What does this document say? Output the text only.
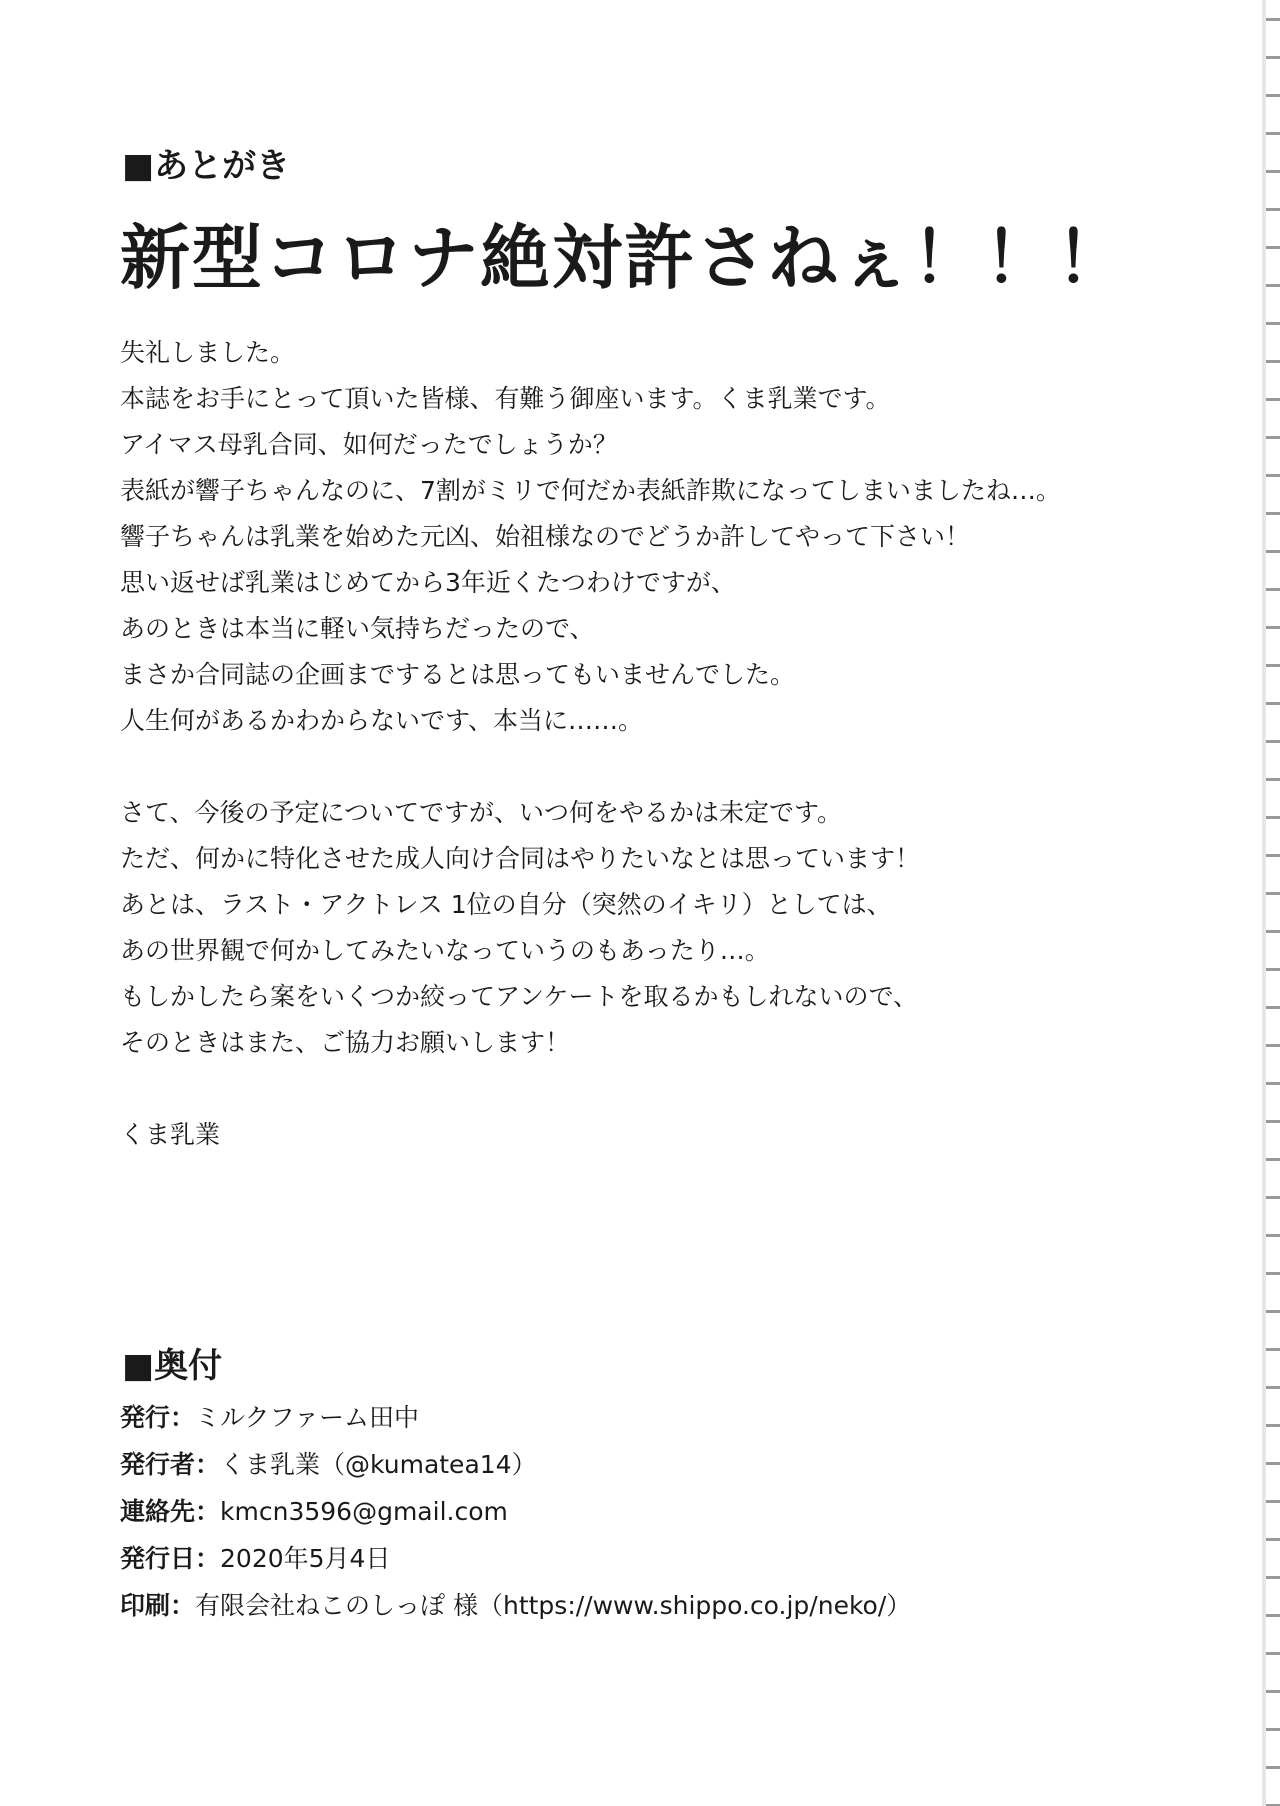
■あとがき
新型コロナ絶対許さねぇ！！！
失礼しました。
本誌をお手にとって頂いた皆様、有難う御座います。くま乳業です。
アイマス母乳合同、如何だったでしょうか？
表紙が響子ちゃんなのに、7割がミリで何だか表紙詐欺になってしまいましたね…。
響子ちゃんは乳業を始めた元凶、始祖様なのでどうか許してやって下さい！
思い返せば乳業はじめてから3年近くたつわけですが、
あのときは本当に軽い気持ちだったので、
まさか合同誌の企画までするとは思ってもいませんでした。
人生何があるかわからないです、本当に……。
さて、今後の予定についてですが、いつ何をやるかは未定です。
ただ、何かに特化させた成人向け合同はやりたいなとは思っています！
あとは、ラスト・アクトレス 1位の自分（突然のイキリ）としては、
あの世界観で何かしてみたいなっていうのもあったり…。
もしかしたら案をいくつか絞ってアンケートを取るかもしれないので、
そのときはまた、ご協力お願いします！
くま乳業
■奥付
発行：ミルクファーム田中
発行者：くま乳業（@kumatea14）
連絡先：kmcn3596@gmail.com
発行日：2020年5月4日
印刷：有限会社ねこのしっぽ 様（https://www.shippo.co.jp/neko/）
